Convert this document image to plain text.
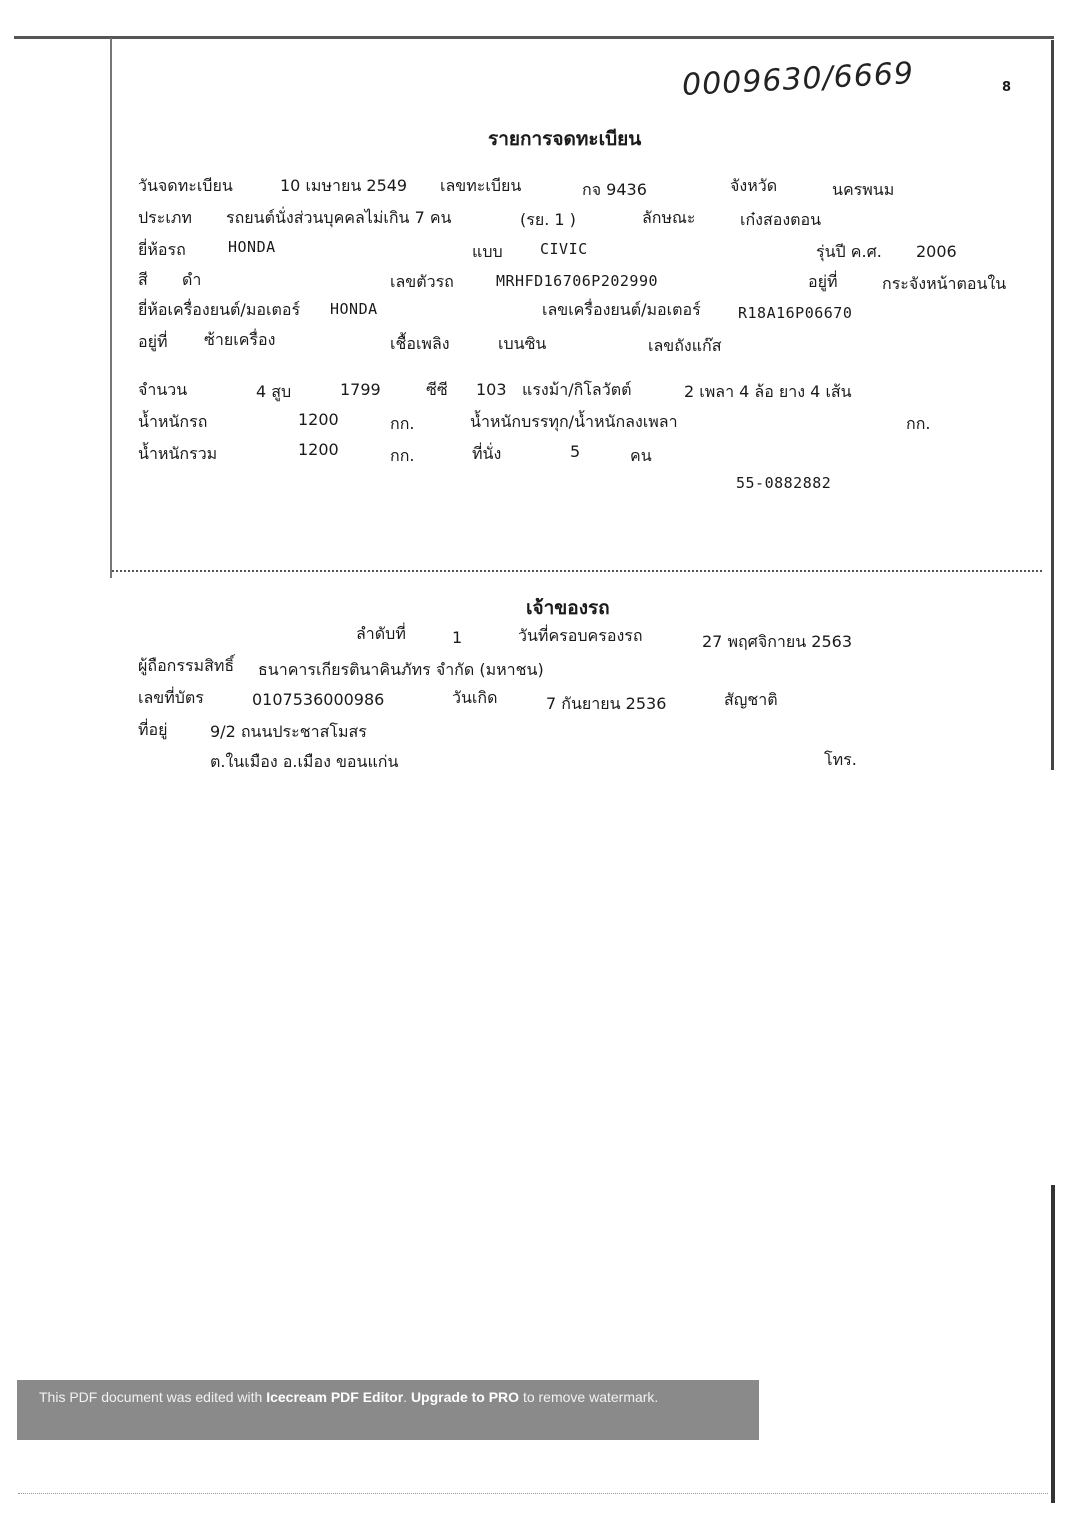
0009630/6669	8
รายการจดทะเบียน
วันจดทะเบียน	10 เมษายน 2549 เลขทะเบียน	กจ 9436	จังหวัด	นครพนม
ประเภท รถยนต์นั่งส่วนบุคคลไม่เกิน 7 คน	(รย. 1 )	ลักษณะ	เก๋งสองตอน
ยี่ห้อรถ	HONDA	แบบ CIVIC	รุ่นปี ค.ศ. 2006
สี ดำ	เลขตัวรถ	MRHFD16706P202990	อยู่ที่	กระจังหน้าตอนใน
ยี่ห้อเครื่องยนต์/มอเตอร์ HONDA	เลขเครื่องยนต์/มอเตอร์ R18A16P06670
อยู่ที่ ซ้ายเครื่อง	เชื้อเพลิง	เบนซิน	เลขถังแก๊ส
จำนวน	4 สูบ	1799	ซีซี 103 แรงม้า/กิโลวัตต์	2 เพลา 4 ล้อ ยาง 4 เส้น
น้ำหนักรถ	1200	กก.	น้ำหนักบรรทุก/น้ำหนักลงเพลา	กก.
น้ำหนักรวม	1200	กก.	ที่นั่ง	5	คน
55-0882882
เจ้าของรถ
ลำดับที่	1	วันที่ครอบครองรถ	27 พฤศจิกายน 2563
ผู้ถือกรรมสิทธิ์ ธนาคารเกียรตินาคินภัทร จำกัด (มหาชน)
เลขที่บัตร	0107536000986	วันเกิด	7 กันยายน 2536	สัญชาติ
ที่อยู่	9/2 ถนนประชาสโมสร
ต.ในเมือง อ.เมือง ขอนแก่น	โทร.
This PDF document was edited with Icecream PDF Editor. Upgrade to PRO to remove watermark.
